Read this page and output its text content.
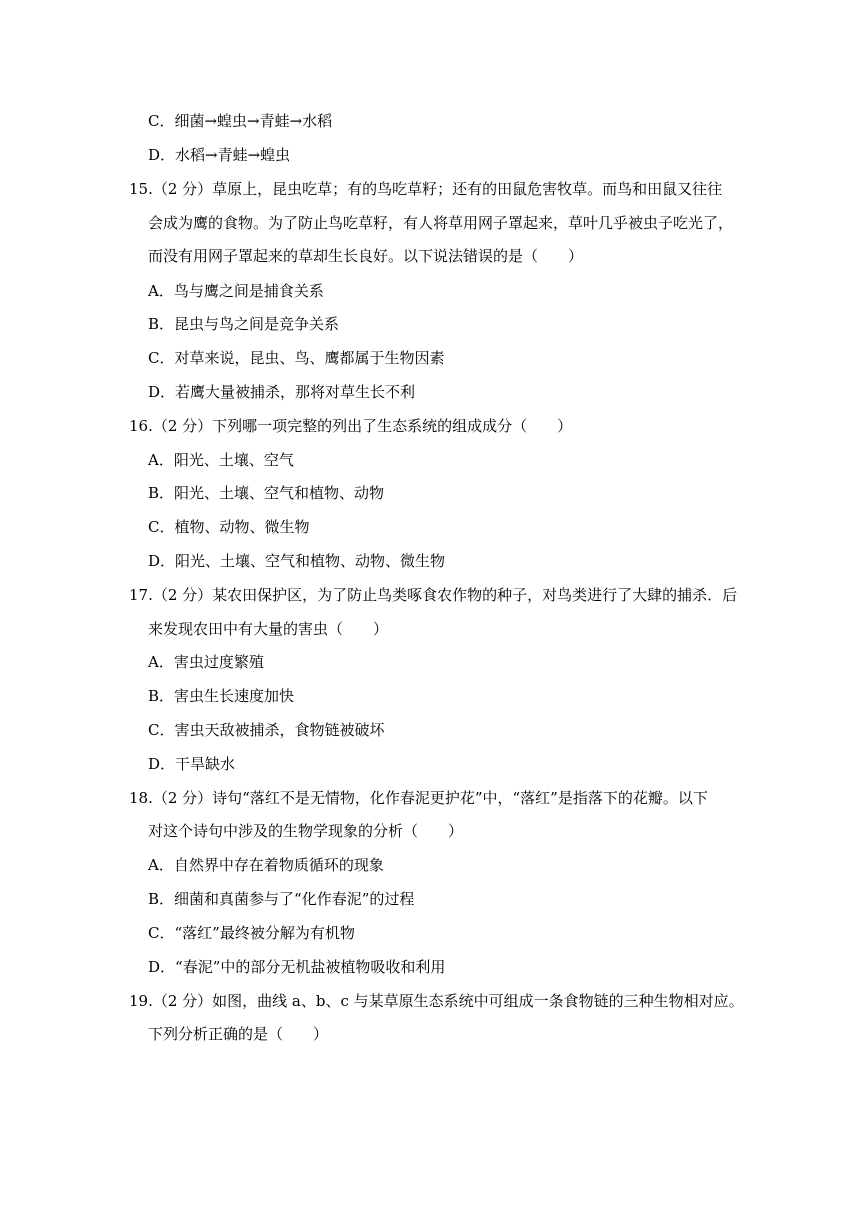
C．细菌→蝗虫→青蛙→水稻
D．水稻→青蛙→蝗虫
15.（2 分）草原上，昆虫吃草；有的鸟吃草籽；还有的田鼠危害牧草。而鸟和田鼠又往往
会成为鹰的食物。为了防止鸟吃草籽，有人将草用网子罩起来，草叶几乎被虫子吃光了，
而没有用网子罩起来的草却生长良好。以下说法错误的是（　　）
A．鸟与鹰之间是捕食关系
B．昆虫与鸟之间是竞争关系
C．对草来说，昆虫、鸟、鹰都属于生物因素
D．若鹰大量被捕杀，那将对草生长不利
16.（2 分）下列哪一项完整的列出了生态系统的组成成分（　　）
A．阳光、土壤、空气
B．阳光、土壤、空气和植物、动物
C．植物、动物、微生物
D．阳光、土壤、空气和植物、动物、微生物
17.（2 分）某农田保护区，为了防止鸟类啄食农作物的种子，对鸟类进行了大肆的捕杀．后
来发现农田中有大量的害虫（　　）
A．害虫过度繁殖
B．害虫生长速度加快
C．害虫天敌被捕杀，食物链被破坏
D．干旱缺水
18.（2 分）诗句“落红不是无情物，化作春泥更护花”中，“落红”是指落下的花瓣。以下
对这个诗句中涉及的生物学现象的分析（　　）
A．自然界中存在着物质循环的现象
B．细菌和真菌参与了“化作春泥”的过程
C．“落红”最终被分解为有机物
D．“春泥”中的部分无机盐被植物吸收和利用
19.（2 分）如图，曲线 a、b、c 与某草原生态系统中可组成一条食物链的三种生物相对应。
下列分析正确的是（　　）
